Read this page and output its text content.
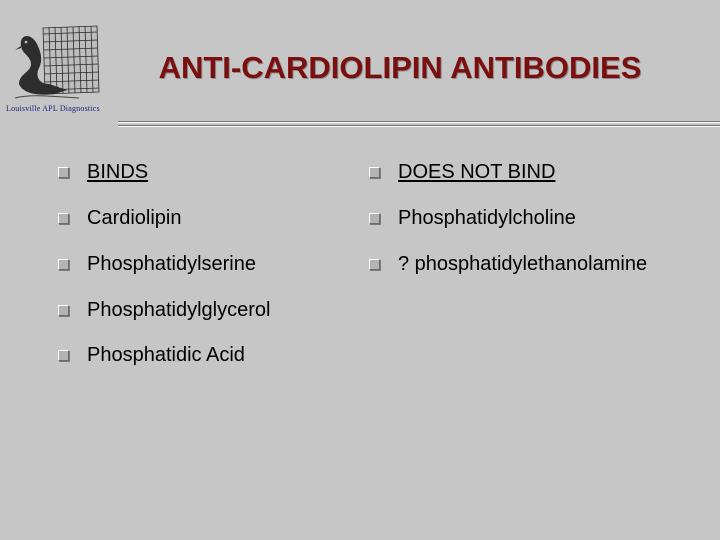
Louisville APL Diagnostics
ANTI-CARDIOLIPIN ANTIBODIES
BINDS
Cardiolipin
Phosphatidylserine
Phosphatidylglycerol
Phosphatidic Acid
DOES NOT BIND
Phosphatidylcholine
? phosphatidylethanolamine
